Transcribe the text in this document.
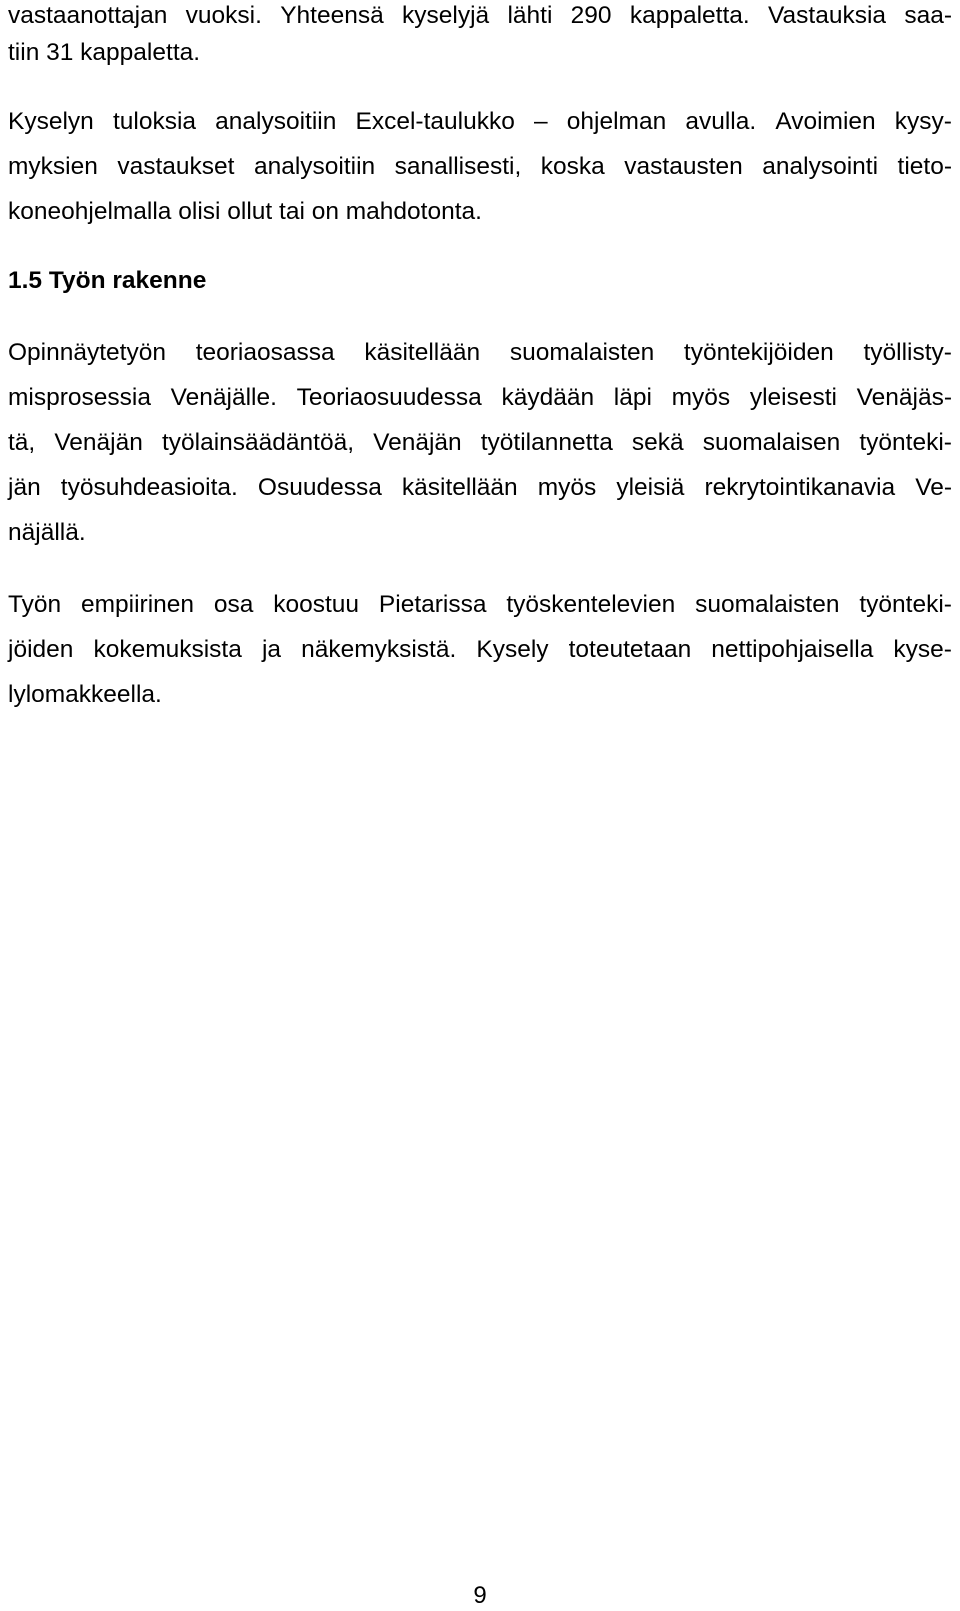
vastaanottajan vuoksi. Yhteensä kyselyjä lähti 290 kappaletta. Vastauksia saa-
tiin 31 kappaletta.
Kyselyn tuloksia analysoitiin Excel-taulukko – ohjelman avulla. Avoimien kysy-
myksien vastaukset analysoitiin sanallisesti, koska vastausten analysointi tieto-
koneohjelmalla olisi ollut tai on mahdotonta.
1.5 Työn rakenne
Opinnäytetyön teoriaosassa käsitellään suomalaisten työntekijöiden työllisty-
misprosessia Venäjälle. Teoriaosuudessa käydään läpi myös yleisesti Venäjäs-
tä, Venäjän työlainsäädäntöä, Venäjän työtilannetta sekä suomalaisen työnteki-
jän työsuhdeasioita. Osuudessa käsitellään myös yleisiä rekrytointikanavia Ve-
näjällä.
Työn empiirinen osa koostuu Pietarissa työskentelevien suomalaisten työnteki-
jöiden kokemuksista ja näkemyksistä. Kysely toteutetaan nettipohjaisella kyse-
lylomakkeella.
9
